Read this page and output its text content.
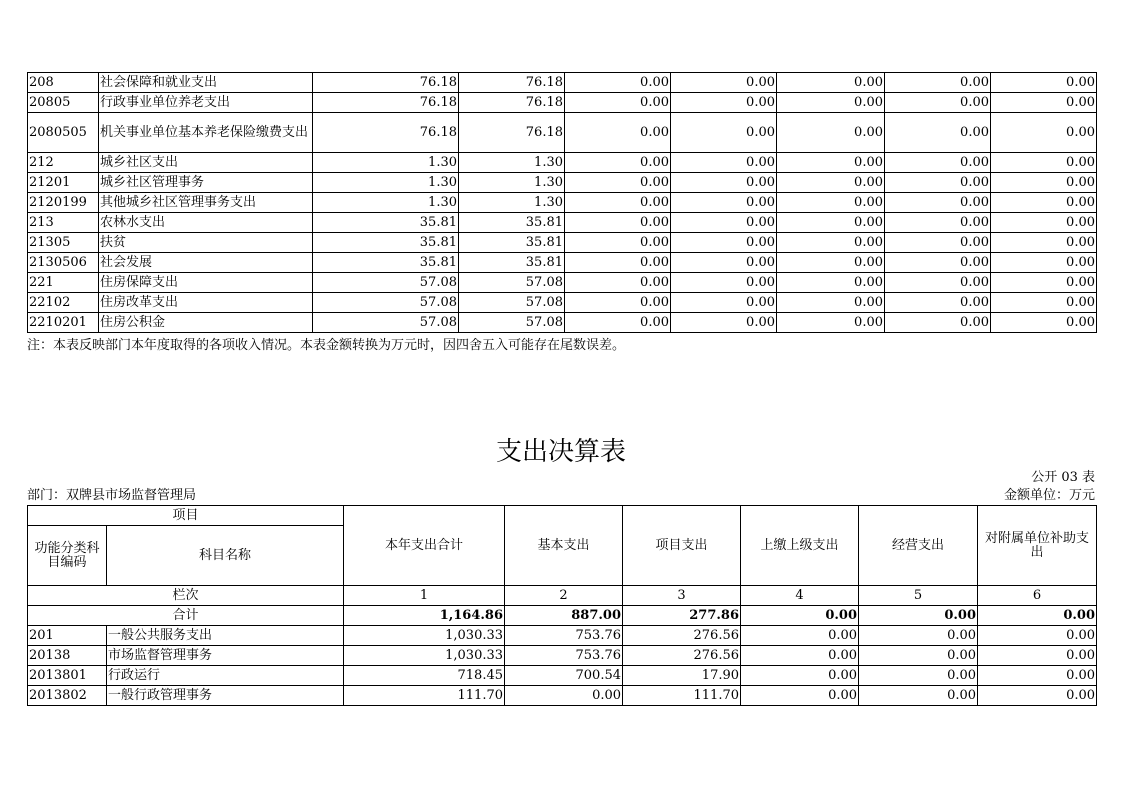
208	社会保障和就业支出	76.18	76.18	0.00	0.00	0.00	0.00	0.00
20805	行政事业单位养老支出	76.18	76.18	0.00	0.00	0.00	0.00	0.00
2080505	机关事业单位基本养老保险缴费支出	76.18	76.18	0.00	0.00	0.00	0.00	0.00
212	城乡社区支出	1.30	1.30	0.00	0.00	0.00	0.00	0.00
21201	城乡社区管理事务	1.30	1.30	0.00	0.00	0.00	0.00	0.00
2120199	其他城乡社区管理事务支出	1.30	1.30	0.00	0.00	0.00	0.00	0.00
213	农林水支出	35.81	35.81	0.00	0.00	0.00	0.00	0.00
21305	扶贫	35.81	35.81	0.00	0.00	0.00	0.00	0.00
2130506	社会发展	35.81	35.81	0.00	0.00	0.00	0.00	0.00
221	住房保障支出	57.08	57.08	0.00	0.00	0.00	0.00	0.00
22102	住房改革支出	57.08	57.08	0.00	0.00	0.00	0.00	0.00
2210201	住房公积金	57.08	57.08	0.00	0.00	0.00	0.00	0.00
注：本表反映部门本年度取得的各项收入情况。本表金额转换为万元时，因四舍五入可能存在尾数误差。
支出决算表
公开 03 表
部门：双牌县市场监督管理局	金额单位：万元
项目		本年支出合计	基本支出	项目支出	上缴上级支出	经营支出	对附属单位补助支出
功能分类科目编码	科目名称						
栏次		1	2	3	4	5	6
合计		1,164.86	887.00	277.86	0.00	0.00	0.00
201	一般公共服务支出	1,030.33	753.76	276.56	0.00	0.00	0.00
20138	市场监督管理事务	1,030.33	753.76	276.56	0.00	0.00	0.00
2013801	行政运行	718.45	700.54	17.90	0.00	0.00	0.00
2013802	一般行政管理事务	111.70	0.00	111.70	0.00	0.00	0.00
